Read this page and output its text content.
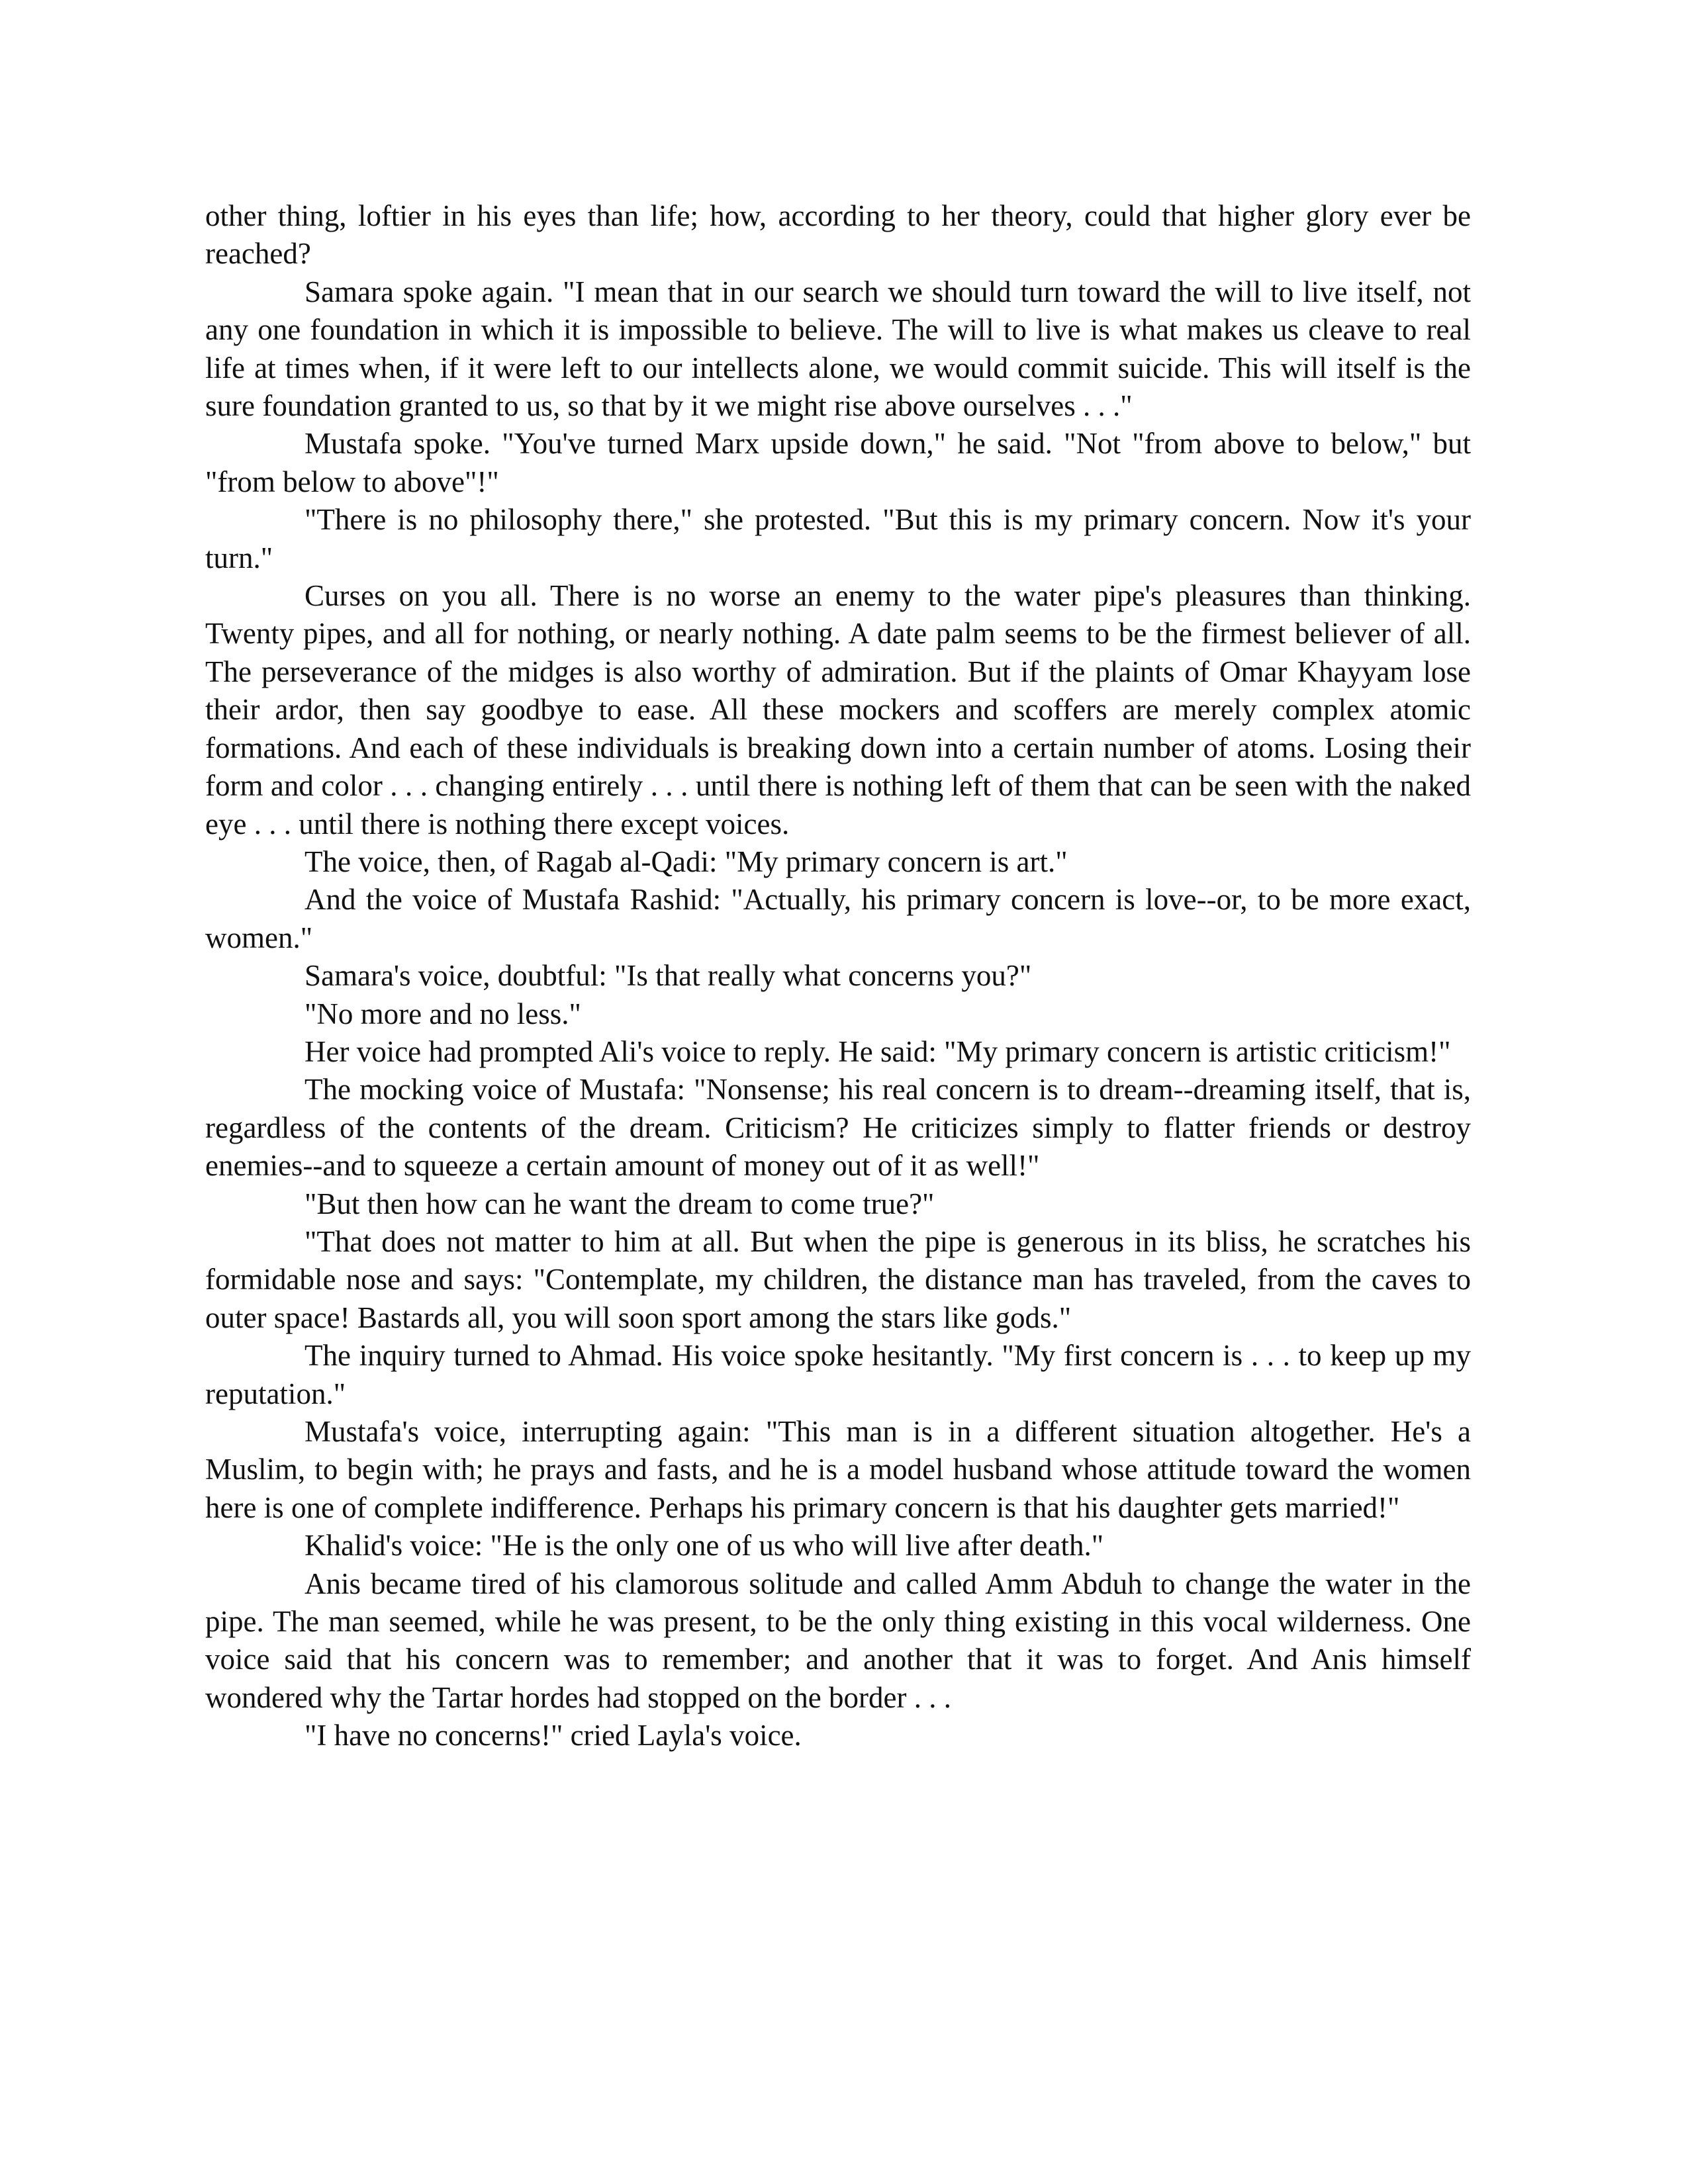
other thing, loftier in his eyes than life; how, according to her theory, could that higher glory ever be reached?

Samara spoke again. "I mean that in our search we should turn toward the will to live itself, not any one foundation in which it is impossible to believe. The will to live is what makes us cleave to real life at times when, if it were left to our intellects alone, we would commit suicide. This will itself is the sure foundation granted to us, so that by it we might rise above ourselves . . ."

Mustafa spoke. "You've turned Marx upside down," he said. "Not "from above to below," but "from below to above"!"

"There is no philosophy there," she protested. "But this is my primary concern. Now it's your turn."

Curses on you all. There is no worse an enemy to the water pipe's pleasures than thinking. Twenty pipes, and all for nothing, or nearly nothing. A date palm seems to be the firmest believer of all. The perseverance of the midges is also worthy of admiration. But if the plaints of Omar Khayyam lose their ardor, then say goodbye to ease. All these mockers and scoffers are merely complex atomic formations. And each of these individuals is breaking down into a certain number of atoms. Losing their form and color . . . changing entirely . . . until there is nothing left of them that can be seen with the naked eye . . . until there is nothing there except voices.

The voice, then, of Ragab al-Qadi: "My primary concern is art."

And the voice of Mustafa Rashid: "Actually, his primary concern is love--or, to be more exact, women."

Samara's voice, doubtful: "Is that really what concerns you?"

"No more and no less."

Her voice had prompted Ali's voice to reply. He said: "My primary concern is artistic criticism!"

The mocking voice of Mustafa: "Nonsense; his real concern is to dream--dreaming itself, that is, regardless of the contents of the dream. Criticism? He criticizes simply to flatter friends or destroy enemies--and to squeeze a certain amount of money out of it as well!"

"But then how can he want the dream to come true?"

"That does not matter to him at all. But when the pipe is generous in its bliss, he scratches his formidable nose and says: "Contemplate, my children, the distance man has traveled, from the caves to outer space! Bastards all, you will soon sport among the stars like gods."

The inquiry turned to Ahmad. His voice spoke hesitantly. "My first concern is . . . to keep up my reputation."

Mustafa's voice, interrupting again: "This man is in a different situation altogether. He's a Muslim, to begin with; he prays and fasts, and he is a model husband whose attitude toward the women here is one of complete indifference. Perhaps his primary concern is that his daughter gets married!"

Khalid's voice: "He is the only one of us who will live after death."

Anis became tired of his clamorous solitude and called Amm Abduh to change the water in the pipe. The man seemed, while he was present, to be the only thing existing in this vocal wilderness. One voice said that his concern was to remember; and another that it was to forget. And Anis himself wondered why the Tartar hordes had stopped on the border . . .

"I have no concerns!" cried Layla's voice.
